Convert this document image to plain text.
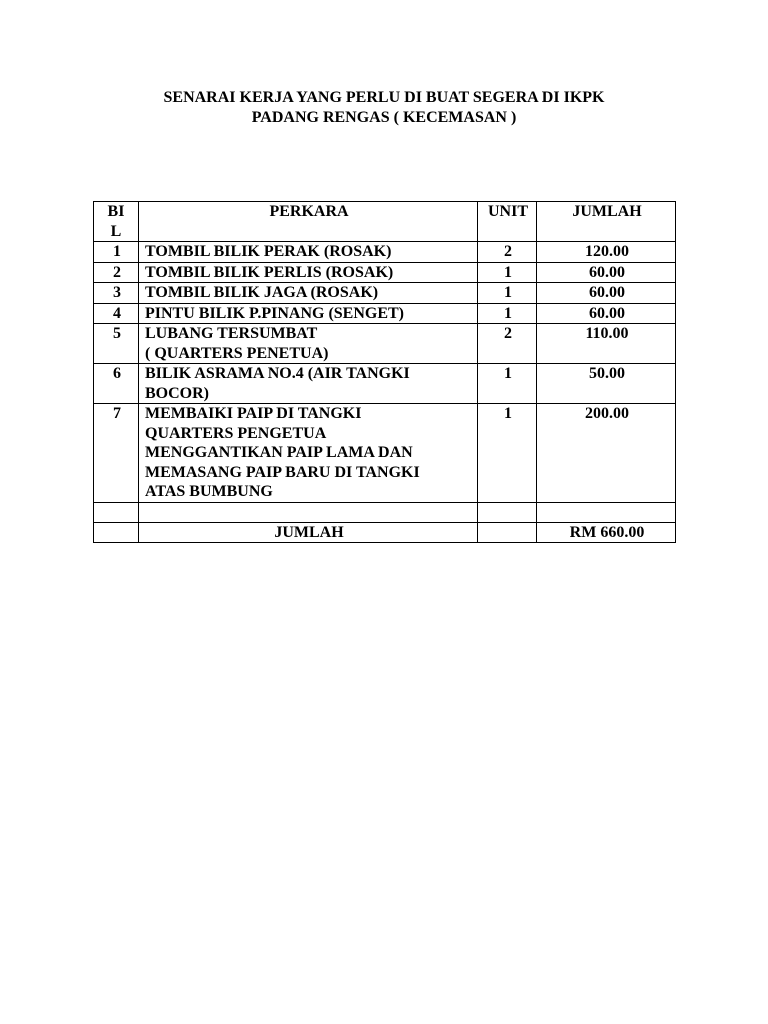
SENARAI KERJA YANG PERLU DI BUAT SEGERA DI IKPK
PADANG RENGAS ( KECEMASAN )
BI
L	PERKARA	UNIT	JUMLAH
1	TOMBIL BILIK PERAK (ROSAK)	2	120.00
2	TOMBIL BILIK PERLIS (ROSAK)	1	60.00
3	TOMBIL BILIK JAGA (ROSAK)	1	60.00
4	PINTU BILIK P.PINANG (SENGET)	1	60.00
5	LUBANG TERSUMBAT
( QUARTERS PENETUA)	2	110.00
6	BILIK ASRAMA NO.4 (AIR TANGKI
BOCOR)	1	50.00
7	MEMBAIKI PAIP DI TANGKI
QUARTERS PENGETUA
MENGGANTIKAN PAIP LAMA DAN
MEMASANG PAIP BARU DI TANGKI
ATAS BUMBUNG	1	200.00

	JUMLAH		RM 660.00
